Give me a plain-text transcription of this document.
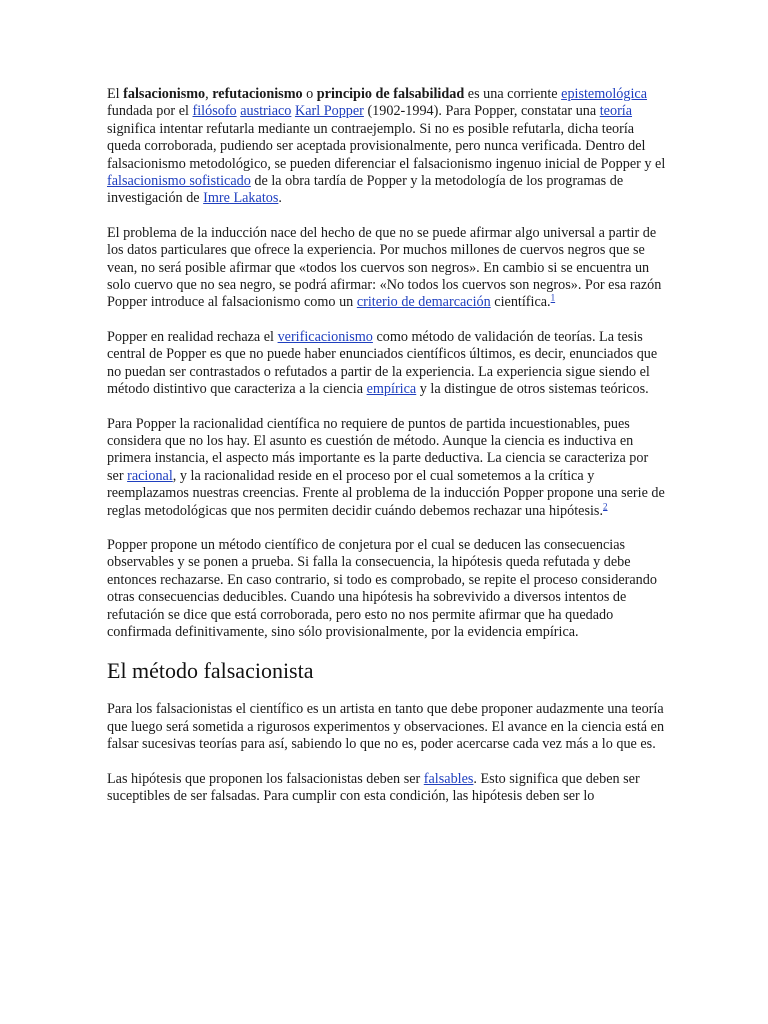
El falsacionismo, refutacionismo o principio de falsabilidad es una corriente epistemológica fundada por el filósofo austriaco Karl Popper (1902-1994). Para Popper, constatar una teoría significa intentar refutarla mediante un contraejemplo. Si no es posible refutarla, dicha teoría queda corroborada, pudiendo ser aceptada provisionalmente, pero nunca verificada. Dentro del falsacionismo metodológico, se pueden diferenciar el falsacionismo ingenuo inicial de Popper y el falsacionismo sofisticado de la obra tardía de Popper y la metodología de los programas de investigación de Imre Lakatos.

El problema de la inducción nace del hecho de que no se puede afirmar algo universal a partir de los datos particulares que ofrece la experiencia. Por muchos millones de cuervos negros que se vean, no será posible afirmar que «todos los cuervos son negros». En cambio si se encuentra un solo cuervo que no sea negro, se podrá afirmar: «No todos los cuervos son negros». Por esa razón Popper introduce al falsacionismo como un criterio de demarcación científica.$^1$

Popper en realidad rechaza el verificacionismo como método de validación de teorías. La tesis central de Popper es que no puede haber enunciados científicos últimos, es decir, enunciados que no puedan ser contrastados o refutados a partir de la experiencia. La experiencia sigue siendo el método distintivo que caracteriza a la ciencia empírica y la distingue de otros sistemas teóricos.

Para Popper la racionalidad científica no requiere de puntos de partida incuestionables, pues considera que no los hay. El asunto es cuestión de método. Aunque la ciencia es inductiva en primera instancia, el aspecto más importante es la parte deductiva. La ciencia se caracteriza por ser racional, y la racionalidad reside en el proceso por el cual sometemos a la crítica y reemplazamos nuestras creencias. Frente al problema de la inducción Popper propone una serie de reglas metodológicas que nos permiten decidir cuándo debemos rechazar una hipótesis.$^2$

Popper propone un método científico de conjetura por el cual se deducen las consecuencias observables y se ponen a prueba. Si falla la consecuencia, la hipótesis queda refutada y debe entonces rechazarse. En caso contrario, si todo es comprobado, se repite el proceso considerando otras consecuencias deducibles. Cuando una hipótesis ha sobrevivido a diversos intentos de refutación se dice que está corroborada, pero esto no nos permite afirmar que ha quedado confirmada definitivamente, sino sólo provisionalmente, por la evidencia empírica.

El método falsacionista

Para los falsacionistas el científico es un artista en tanto que debe proponer audazmente una teoría que luego será sometida a rigurosos experimentos y observaciones. El avance en la ciencia está en falsar sucesivas teorías para así, sabiendo lo que no es, poder acercarse cada vez más a lo que es.

Las hipótesis que proponen los falsacionistas deben ser falsables. Esto significa que deben ser suceptibles de ser falsadas. Para cumplir con esta condición, las hipótesis deben ser lo
